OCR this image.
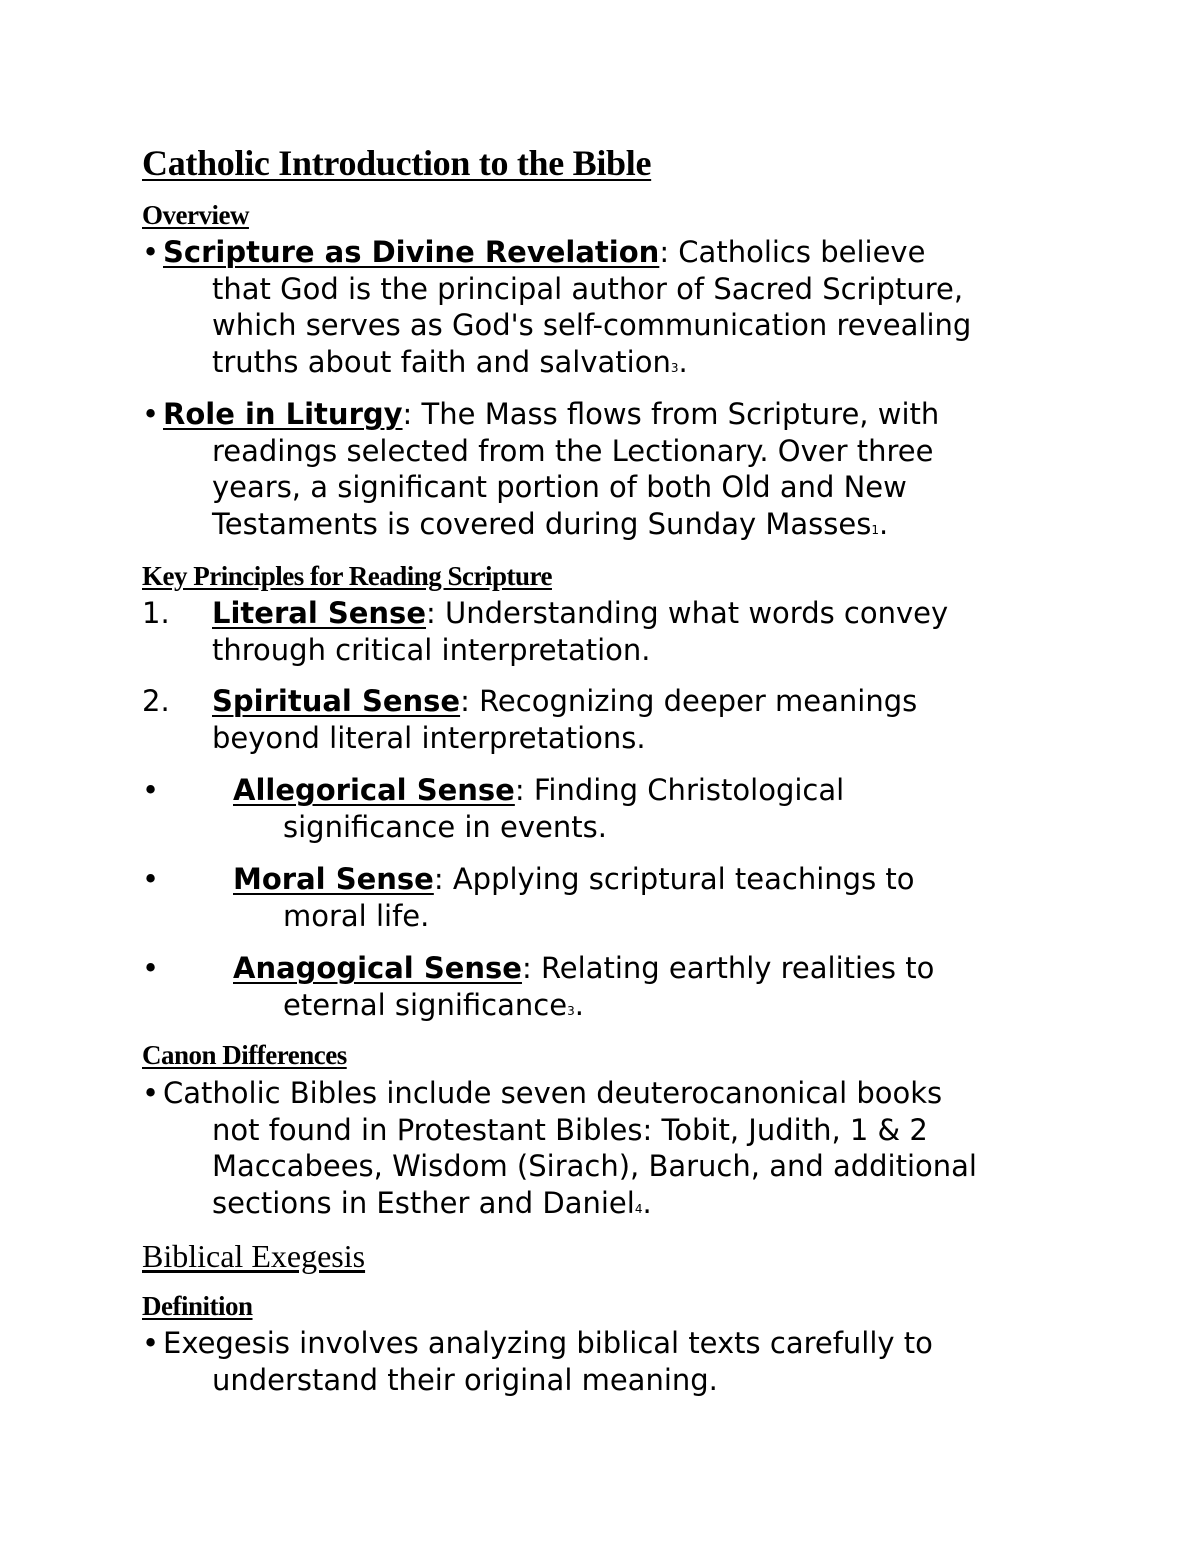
Catholic Introduction to the Bible
Overview
• Scripture as Divine Revelation: Catholics believe
that God is the principal author of Sacred Scripture,
which serves as God's self-communication revealing
truths about faith and salvation3.
• Role in Liturgy: The Mass flows from Scripture, with
readings selected from the Lectionary. Over three
years, a significant portion of both Old and New
Testaments is covered during Sunday Masses1.
Key Principles for Reading Scripture
1.	Literal Sense: Understanding what words convey
through critical interpretation.
2.	Spiritual Sense: Recognizing deeper meanings
beyond literal interpretations.
•	Allegorical Sense: Finding Christological
significance in events.
•	Moral Sense: Applying scriptural teachings to
moral life.
•	Anagogical Sense: Relating earthly realities to
eternal significance3.
Canon Differences
• Catholic Bibles include seven deuterocanonical books
not found in Protestant Bibles: Tobit, Judith, 1 & 2
Maccabees, Wisdom (Sirach), Baruch, and additional
sections in Esther and Daniel4.
Biblical Exegesis
Definition
• Exegesis involves analyzing biblical texts carefully to
understand their original meaning.
